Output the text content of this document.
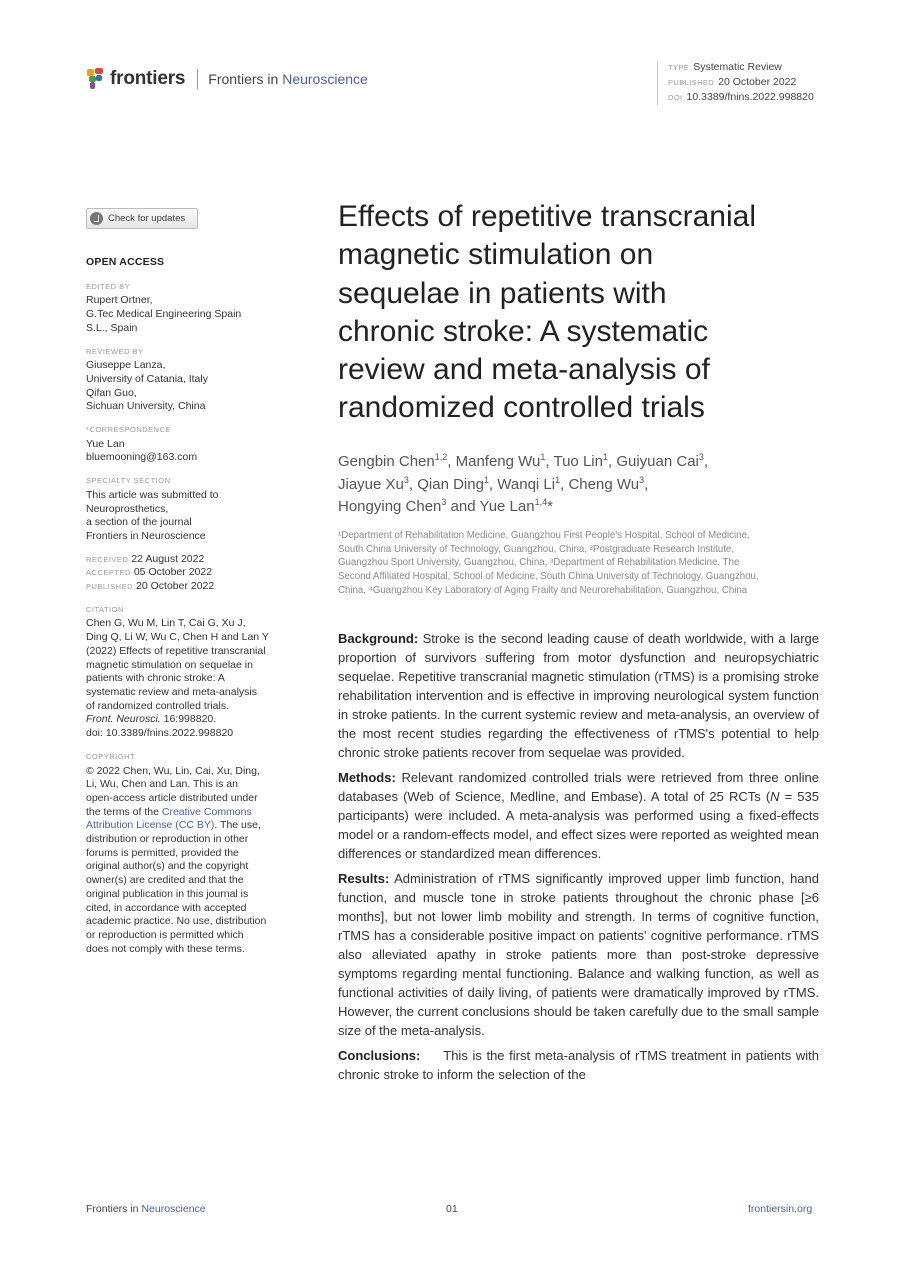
frontiers Frontiers in Neuroscience
TYPE Systematic Review
PUBLISHED 20 October 2022
DOI 10.3389/fnins.2022.998820
Check for updates
OPEN ACCESS
EDITED BY
Rupert Ortner,
G.Tec Medical Engineering Spain
S.L., Spain
REVIEWED BY
Giuseppe Lanza,
University of Catania, Italy
Qifan Guo,
Sichuan University, China
*CORRESPONDENCE
Yue Lan
bluemooning@163.com
SPECIALTY SECTION
This article was submitted to
Neuroprosthetics,
a section of the journal
Frontiers in Neuroscience
RECEIVED 22 August 2022
ACCEPTED 05 October 2022
PUBLISHED 20 October 2022
CITATION
Chen G, Wu M, Lin T, Cai G, Xu J,
Ding Q, Li W, Wu C, Chen H and Lan Y
(2022) Effects of repetitive transcranial
magnetic stimulation on sequelae in
patients with chronic stroke: A
systematic review and meta-analysis
of randomized controlled trials.
Front. Neurosci. 16:998820.
doi: 10.3389/fnins.2022.998820
COPYRIGHT
© 2022 Chen, Wu, Lin, Cai, Xu, Ding,
Li, Wu, Chen and Lan. This is an
open-access article distributed under
the terms of the Creative Commons
Attribution License (CC BY). The use,
distribution or reproduction in other
forums is permitted, provided the
original author(s) and the copyright
owner(s) are credited and that the
original publication in this journal is
cited, in accordance with accepted
academic practice. No use, distribution
or reproduction is permitted which
does not comply with these terms.
Effects of repetitive transcranial
magnetic stimulation on
sequelae in patients with
chronic stroke: A systematic
review and meta-analysis of
randomized controlled trials
Gengbin Chen$^{1,2}$, Manfeng Wu$^1$, Tuo Lin$^1$, Guiyuan Cai$^3$,
Jiayue Xu$^3$, Qian Ding$^1$, Wanqi Li$^1$, Cheng Wu$^3$,
Hongying Chen$^3$ and Yue Lan$^{1,4}$*
¹Department of Rehabilitation Medicine, Guangzhou First People's Hospital, School of Medicine,
South China University of Technology, Guangzhou, China, ²Postgraduate Research Institute,
Guangzhou Sport University, Guangzhou, China, ³Department of Rehabilitation Medicine, The
Second Affiliated Hospital, School of Medicine, South China University of Technology, Guangzhou,
China, ⁴Guangzhou Key Laboratory of Aging Frailty and Neurorehabilitation, Guangzhou, China

Background: Stroke is the second leading cause of death worldwide, with a large proportion of survivors suffering from motor dysfunction and neuropsychiatric sequelae. Repetitive transcranial magnetic stimulation (rTMS) is a promising stroke rehabilitation intervention and is effective in improving neurological system function in stroke patients. In the current systemic review and meta-analysis, an overview of the most recent studies regarding the effectiveness of rTMS's potential to help chronic stroke patients recover from sequelae was provided.

Methods: Relevant randomized controlled trials were retrieved from three online databases (Web of Science, Medline, and Embase). A total of 25 RCTs (N = 535 participants) were included. A meta-analysis was performed using a fixed-effects model or a random-effects model, and effect sizes were reported as weighted mean differences or standardized mean differences.

Results: Administration of rTMS significantly improved upper limb function, hand function, and muscle tone in stroke patients throughout the chronic phase [≥6 months], but not lower limb mobility and strength. In terms of cognitive function, rTMS has a considerable positive impact on patients' cognitive performance. rTMS also alleviated apathy in stroke patients more than post-stroke depressive symptoms regarding mental functioning. Balance and walking function, as well as functional activities of daily living, of patients were dramatically improved by rTMS. However, the current conclusions should be taken carefully due to the small sample size of the meta-analysis.

Conclusions: This is the first meta-analysis of rTMS treatment in patients with chronic stroke to inform the selection of the

Frontiers in Neuroscience	01	frontiersin.org
